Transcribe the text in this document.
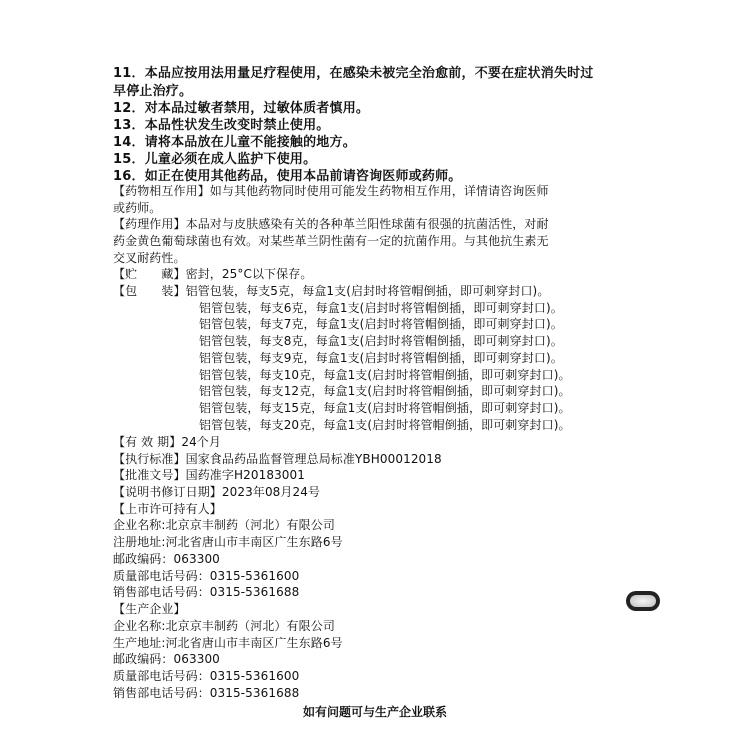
11．本品应按用法用量足疗程使用，在感染未被完全治愈前，不要在症状消失时过
早停止治疗。
12．对本品过敏者禁用，过敏体质者慎用。
13．本品性状发生改变时禁止使用。
14．请将本品放在儿童不能接触的地方。
15．儿童必须在成人监护下使用。
16．如正在使用其他药品，使用本品前请咨询医师或药师。
【药物相互作用】如与其他药物同时使用可能发生药物相互作用，详情请咨询医师
或药师。
【药理作用】本品对与皮肤感染有关的各种革兰阳性球菌有很强的抗菌活性，对耐
药金黄色葡萄球菌也有效。对某些革兰阴性菌有一定的抗菌作用。与其他抗生素无
交叉耐药性。
【贮　　藏】密封，25°C以下保存。
【包　　装】铝管包装，每支5克，每盒1支(启封时将管帽倒插，即可刺穿封口)。
铝管包装，每支6克，每盒1支(启封时将管帽倒插，即可刺穿封口)。
铝管包装，每支7克，每盒1支(启封时将管帽倒插，即可刺穿封口)。
铝管包装，每支8克，每盒1支(启封时将管帽倒插，即可刺穿封口)。
铝管包装，每支9克，每盒1支(启封时将管帽倒插，即可刺穿封口)。
铝管包装，每支10克，每盒1支(启封时将管帽倒插，即可刺穿封口)。
铝管包装，每支12克，每盒1支(启封时将管帽倒插，即可刺穿封口)。
铝管包装，每支15克，每盒1支(启封时将管帽倒插，即可刺穿封口)。
铝管包装，每支20克，每盒1支(启封时将管帽倒插，即可刺穿封口)。
【有 效 期】24个月
【执行标准】国家食品药品监督管理总局标准YBH00012018
【批准文号】国药准字H20183001
【说明书修订日期】2023年08月24号
【上市许可持有人】
企业名称:北京京丰制药（河北）有限公司
注册地址:河北省唐山市丰南区广生东路6号
邮政编码：063300
质量部电话号码：0315-5361600
销售部电话号码：0315-5361688
【生产企业】
企业名称:北京京丰制药（河北）有限公司
生产地址:河北省唐山市丰南区广生东路6号
邮政编码：063300
质量部电话号码：0315-5361600
销售部电话号码：0315-5361688
如有问题可与生产企业联系
